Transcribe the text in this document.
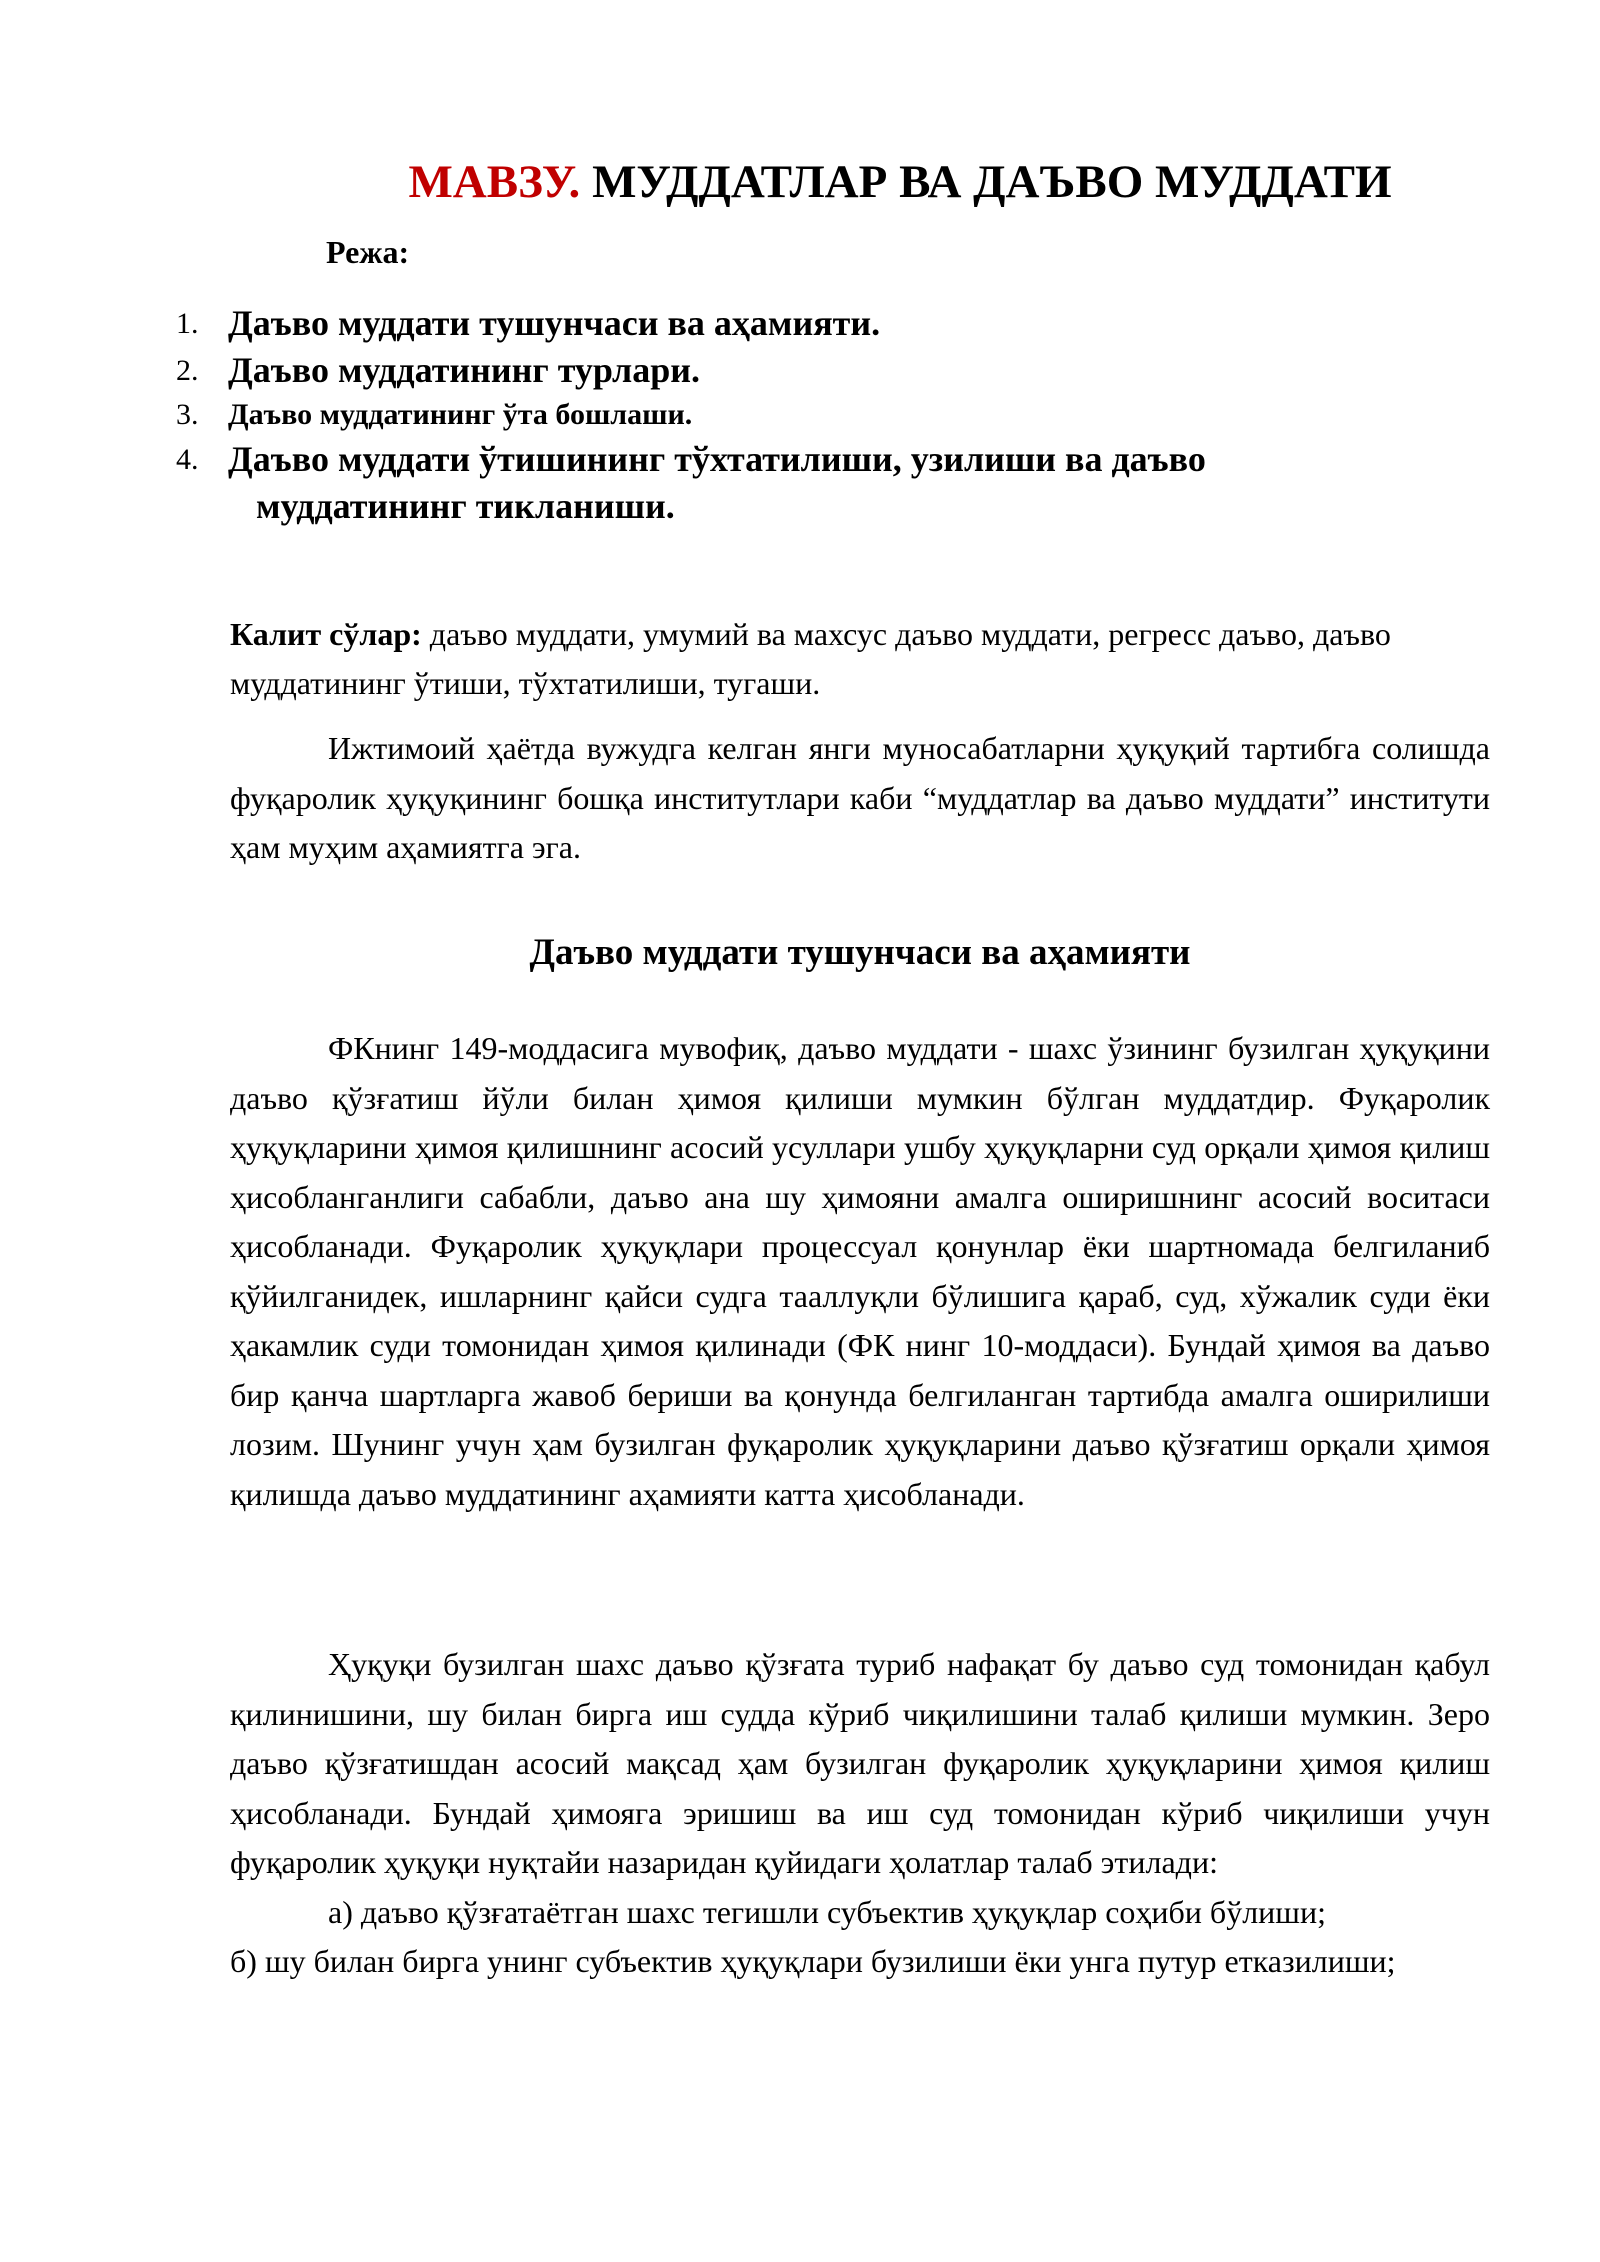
МАВЗУ. МУДДАТЛАР ВА ДАЪВО МУДДАТИ
Режа:
1. Даъво муддати тушунчаси ва аҳамияти.
2. Даъво муддатининг турлари.
3. Даъво муддатининг ўта бошлаши.
4. Даъво муддати ўтишининг тўхтатилиши, узилиши ва даъво
муддатининг тикланиши.
Калит сўлар: даъво муддати, умумий ва махсус даъво муддати, регресс даъво, даъво муддатининг ўтиши, тўхтатилиши, тугаши.

Ижтимоий ҳаётда вужудга келган янги муносабатларни ҳуқуқий тартибга солишда фуқаролик ҳуқуқининг бошқа институтлари каби “муддатлар ва даъво муддати” институти ҳам муҳим аҳамиятга эга.

Даъво муддати тушунчаси ва аҳамияти

ФКнинг 149-моддасига мувофиқ, даъво муддати - шахс ўзининг бузилган ҳуқуқини даъво қўзғатиш йўли билан ҳимоя қилиши мумкин бўлган муддатдир. Фуқаролик ҳуқуқларини ҳимоя қилишнинг асосий усуллари ушбу ҳуқуқларни суд орқали ҳимоя қилиш ҳисобланганлиги сабабли, даъво ана шу ҳимояни амалга оширишнинг асосий воситаси ҳисобланади. Фуқаролик ҳуқуқлари процессуал қонунлар ёки шартномада белгиланиб қўйилганидек, ишларнинг қайси судга тааллуқли бўлишига қараб, суд, хўжалик суди ёки ҳакамлик суди томонидан ҳимоя қилинади (ФК нинг 10-моддаси). Бундай ҳимоя ва даъво бир қанча шартларга жавоб бериши ва қонунда белгиланган тартибда амалга оширилиши лозим. Шунинг учун ҳам бузилган фуқаролик ҳуқуқларини даъво қўзғатиш орқали ҳимоя қилишда даъво муддатининг аҳамияти катта ҳисобланади.

Ҳуқуқи бузилган шахс даъво қўзғата туриб нафақат бу даъво суд томонидан қабул қилинишини, шу билан бирга иш судда кўриб чиқилишини талаб қилиши мумкин. Зеро даъво қўзғатишдан асосий мақсад ҳам бузилган фуқаролик ҳуқуқларини ҳимоя қилиш ҳисобланади. Бундай ҳимояга эришиш ва иш суд томонидан кўриб чиқилиши учун фуқаролик ҳуқуқи нуқтайи назаридан қуйидаги ҳолатлар талаб этилади:

а) даъво қўзғатаётган шахс тегишли субъектив ҳуқуқлар соҳиби бўлиши;

б) шу билан бирга унинг субъектив ҳуқуқлари бузилиши ёки унга путур етказилиши;
